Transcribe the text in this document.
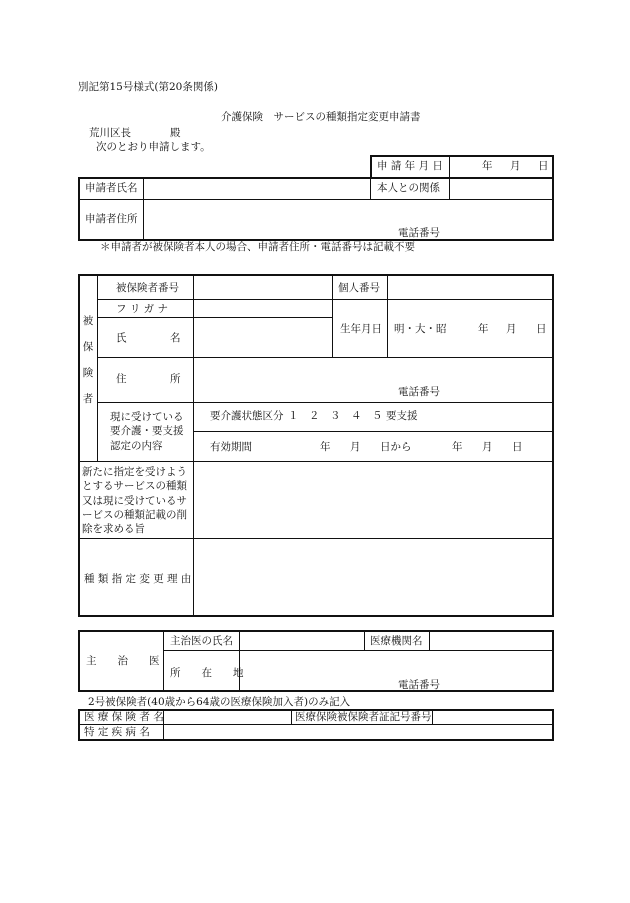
別記第15号様式(第20条関係)
介護保険　サービスの種類指定変更申請書
荒川区長	殿
次のとおり申請します。
申 請 年 月 日	年 月 日
申請者氏名	本人との関係
申請者住所
電話番号
＊申請者が被保険者本人の場合、申請者住所・電話番号は記載不要
被
保
険
者
被保険者番号	個人番号
フ リ ガ ナ
氏	名
生年月日 明・大・昭	年 月 日
住	所
電話番号
現に受けている
要介護・要支援
認定の内容
要介護状態区分 １　２　３　４　５ 要支援
有効期間	年 月 日から	年 月 日
新たに指定を受けよう
とするサービスの種類
又は現に受けているサ
ービスの種類記載の削
除を求める旨
種 類 指 定 変 更 理 由
主　　治　　医
主治医の氏名	医療機関名
所　　在　　地
電話番号
2号被保険者(40歳から64歳の医療保険加入者)のみ記入
医 療 保 険 者 名	医療保険被保険者証記号番号
特 定 疾 病 名
